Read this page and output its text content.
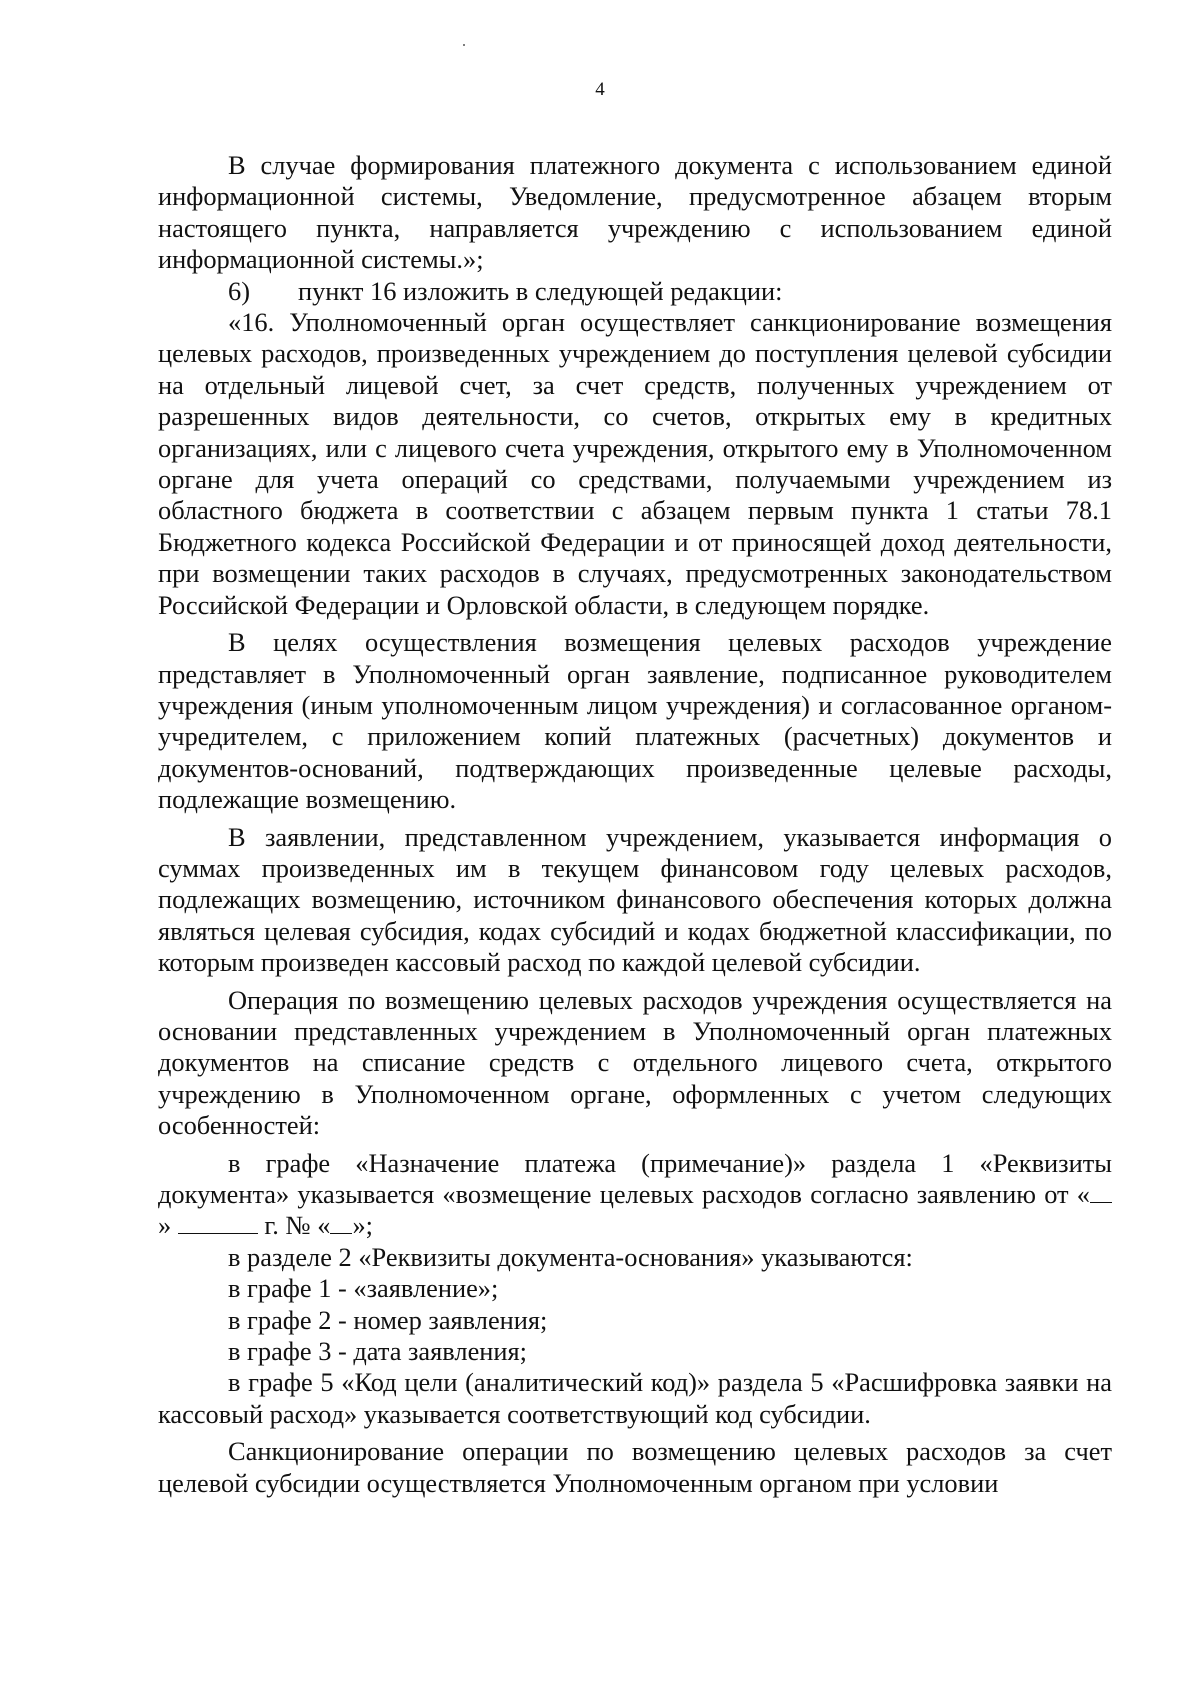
4

В случае формирования платежного документа с использованием единой информационной системы, Уведомление, предусмотренное абзацем вторым настоящего пункта, направляется учреждению с использованием единой информационной системы.»;

6) пункт 16 изложить в следующей редакции:

«16. Уполномоченный орган осуществляет санкционирование возмещения целевых расходов, произведенных учреждением до поступления целевой субсидии на отдельный лицевой счет, за счет средств, полученных учреждением от разрешенных видов деятельности, со счетов, открытых ему в кредитных организациях, или с лицевого счета учреждения, открытого ему в Уполномоченном органе для учета операций со средствами, получаемыми учреждением из областного бюджета в соответствии с абзацем первым пункта 1 статьи 78.1 Бюджетного кодекса Российской Федерации и от приносящей доход деятельности, при возмещении таких расходов в случаях, предусмотренных законодательством Российской Федерации и Орловской области, в следующем порядке.

В целях осуществления возмещения целевых расходов учреждение представляет в Уполномоченный орган заявление, подписанное руководителем учреждения (иным уполномоченным лицом учреждения) и согласованное органом-учредителем, с приложением копий платежных (расчетных) документов и документов-оснований, подтверждающих произведенные целевые расходы, подлежащие возмещению.

В заявлении, представленном учреждением, указывается информация о суммах произведенных им в текущем финансовом году целевых расходов, подлежащих возмещению, источником финансового обеспечения которых должна являться целевая субсидия, кодах субсидий и кодах бюджетной классификации, по которым произведен кассовый расход по каждой целевой субсидии.

Операция по возмещению целевых расходов учреждения осуществляется на основании представленных учреждением в Уполномоченный орган платежных документов на списание средств с отдельного лицевого счета, открытого учреждению в Уполномоченном органе, оформленных с учетом следующих особенностей:

в графе «Назначение платежа (примечание)» раздела 1 «Реквизиты документа» указывается «возмещение целевых расходов согласно заявлению от «»	г. № « »;

в разделе 2 «Реквизиты документа-основания» указываются:

в графе 1 - «заявление»;

в графе 2 - номер заявления;

в графе 3 - дата заявления;

в графе 5 «Код цели (аналитический код)» раздела 5 «Расшифровка заявки на кассовый расход» указывается соответствующий код субсидии.

Санкционирование операции по возмещению целевых расходов за счет целевой субсидии осуществляется Уполномоченным органом при условии
